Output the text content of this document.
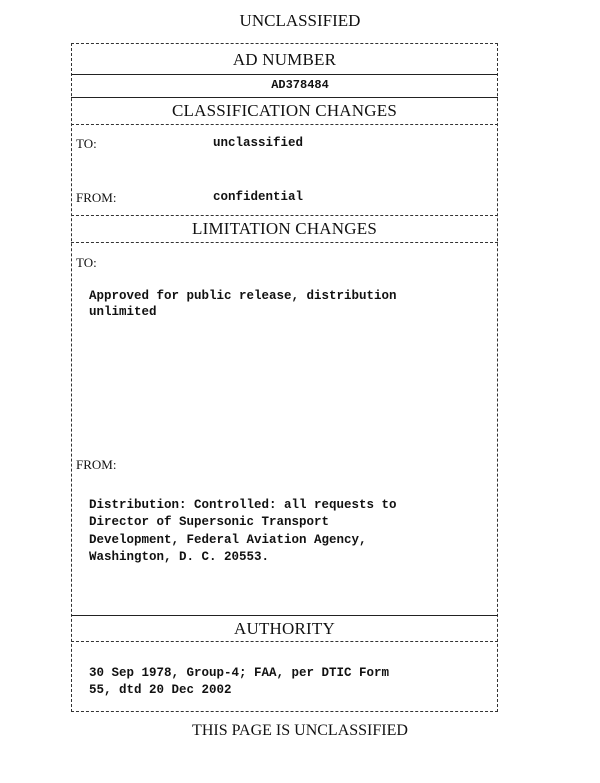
UNCLASSIFIED
AD NUMBER
AD378484
CLASSIFICATION CHANGES
TO:	unclassified
FROM:	confidential
LIMITATION CHANGES
TO:

Approved for public release, distribution
unlimited
FROM:

Distribution: Controlled: all requests to
Director of Supersonic Transport
Development, Federal Aviation Agency,
Washington, D. C. 20553.
AUTHORITY

30 Sep 1978, Group-4; FAA, per DTIC Form
55, dtd 20 Dec 2002
THIS PAGE IS UNCLASSIFIED
